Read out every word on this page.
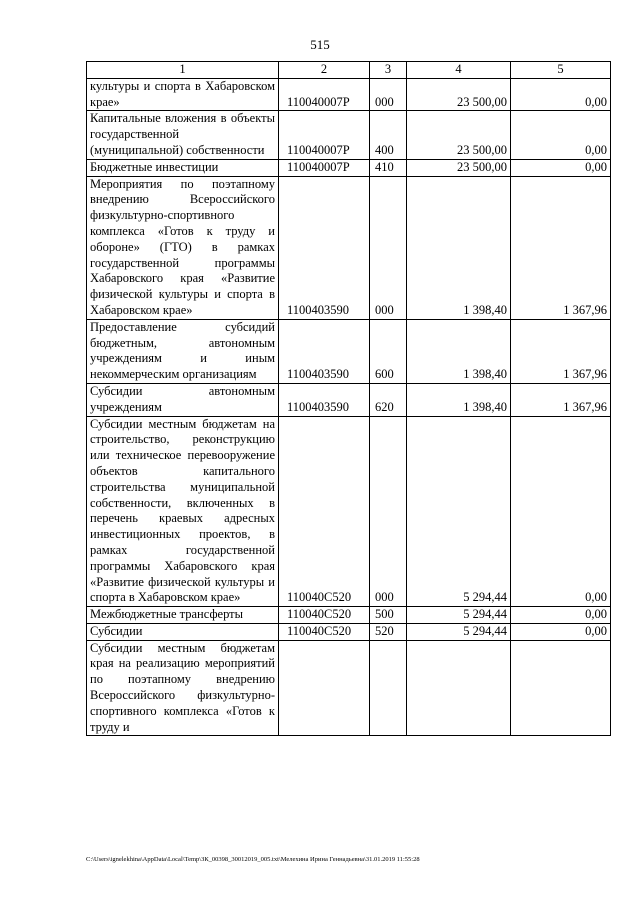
515
1	2	3	4	5
культуры и спорта в Хабаровском крае»	110040007Р	000	23 500,00	0,00
Капитальные вложения в объекты государственной (муниципальной) собственности	110040007Р	400	23 500,00	0,00
Бюджетные инвестиции	110040007Р	410	23 500,00	0,00
Мероприятия по поэтапному внедрению Всероссийского физкультурно-спортивного комплекса «Готов к труду и обороне» (ГТО) в рамках государственной программы Хабаровского края «Развитие физической культуры и спорта в Хабаровском крае»	1100403590	000	1 398,40	1 367,96
Предоставление субсидий бюджетным, автономным учреждениям и иным некоммерческим организациям	1100403590	600	1 398,40	1 367,96
Субсидии автономным учреждениям	1100403590	620	1 398,40	1 367,96
Субсидии местным бюджетам на строительство, реконструкцию или техническое перевооружение объектов капитального строительства муниципальной собственности, включенных в перечень краевых адресных инвестиционных проектов, в рамках государственной программы Хабаровского края «Развитие физической культуры и спорта в Хабаровском крае»	110040С520	000	5 294,44	0,00
Межбюджетные трансферты	110040С520	500	5 294,44	0,00
Субсидии	110040С520	520	5 294,44	0,00
Субсидии местным бюджетам края на реализацию мероприятий по поэтапному внедрению Всероссийского физкультурно-спортивного комплекса «Готов к труду и				
C:\Users\ignelekhina\AppData\Local\Temp\ЗК_00398_30012019_005.txt\Мелехина Ирина Геннадьевна\31.01.2019 11:55:28
